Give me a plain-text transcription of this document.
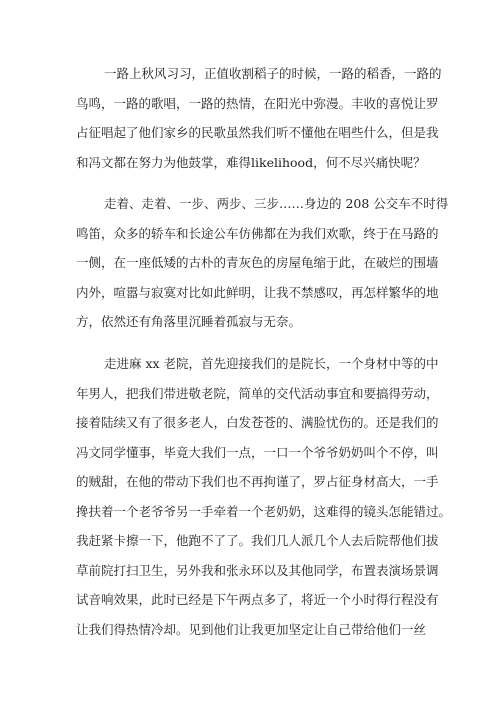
一路上秋风习习，正值收割稻子的时候，一路的稻香，一路的
鸟鸣，一路的歌唱，一路的热情，在阳光中弥漫。丰收的喜悦让罗
占征唱起了他们家乡的民歌虽然我们听不懂他在唱些什么，但是我
和冯文都在努力为他鼓掌，难得likelihood，何不尽兴痛快呢？

走着、走着、一步、两步、三步……身边的 208 公交车不时得
鸣笛，众多的轿车和长途公车仿佛都在为我们欢歌，终于在马路的
一侧，在一座低矮的古朴的青灰色的房屋龟缩于此，在破烂的围墙
内外，喧嚣与寂寞对比如此鲜明，让我不禁感叹，再怎样繁华的地
方，依然还有角落里沉睡着孤寂与无奈。

走进麻 xx 老院，首先迎接我们的是院长，一个身材中等的中
年男人，把我们带进敬老院，简单的交代活动事宜和要搞得劳动，
接着陆续又有了很多老人，白发苍苍的、满脸忧伤的。还是我们的
冯文同学懂事，毕竟大我们一点，一口一个爷爷奶奶叫个不停，叫
的贼甜，在他的带动下我们也不再拘谨了，罗占征身材高大，一手
搀扶着一个老爷爷另一手牵着一个老奶奶，这难得的镜头怎能错过。
我赶紧卡擦一下，他跑不了了。我们几人派几个人去后院帮他们拔
草前院打扫卫生，另外我和张永环以及其他同学，布置表演场景调
试音响效果，此时已经是下午两点多了，将近一个小时得行程没有
让我们得热情冷却。见到他们让我更加坚定让自己带给他们一丝
